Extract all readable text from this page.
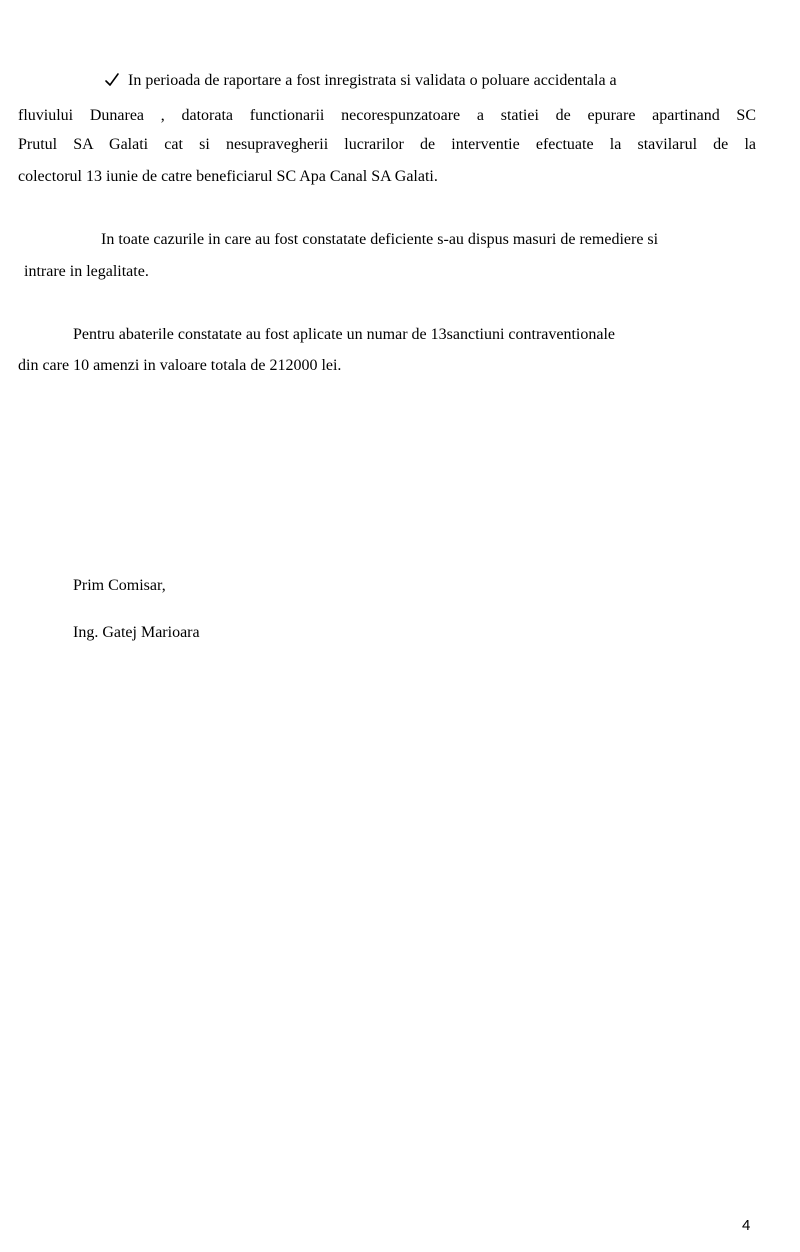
In perioada de raportare a fost inregistrata si validata o poluare accidentala a
fluviului Dunarea , datorata functionarii necorespunzatoare a statiei de epurare apartinand SC
Prutul SA Galati cat si nesupravegherii lucrarilor de interventie efectuate la stavilarul de la
colectorul 13 iunie de catre beneficiarul SC Apa Canal SA Galati.
In toate cazurile in care au fost constatate deficiente s-au dispus masuri de remediere si
intrare in legalitate.
Pentru abaterile constatate au fost aplicate un numar de 13sanctiuni contraventionale
din care 10 amenzi in valoare totala de 212000 lei.
Prim Comisar,
Ing. Gatej Marioara
4
